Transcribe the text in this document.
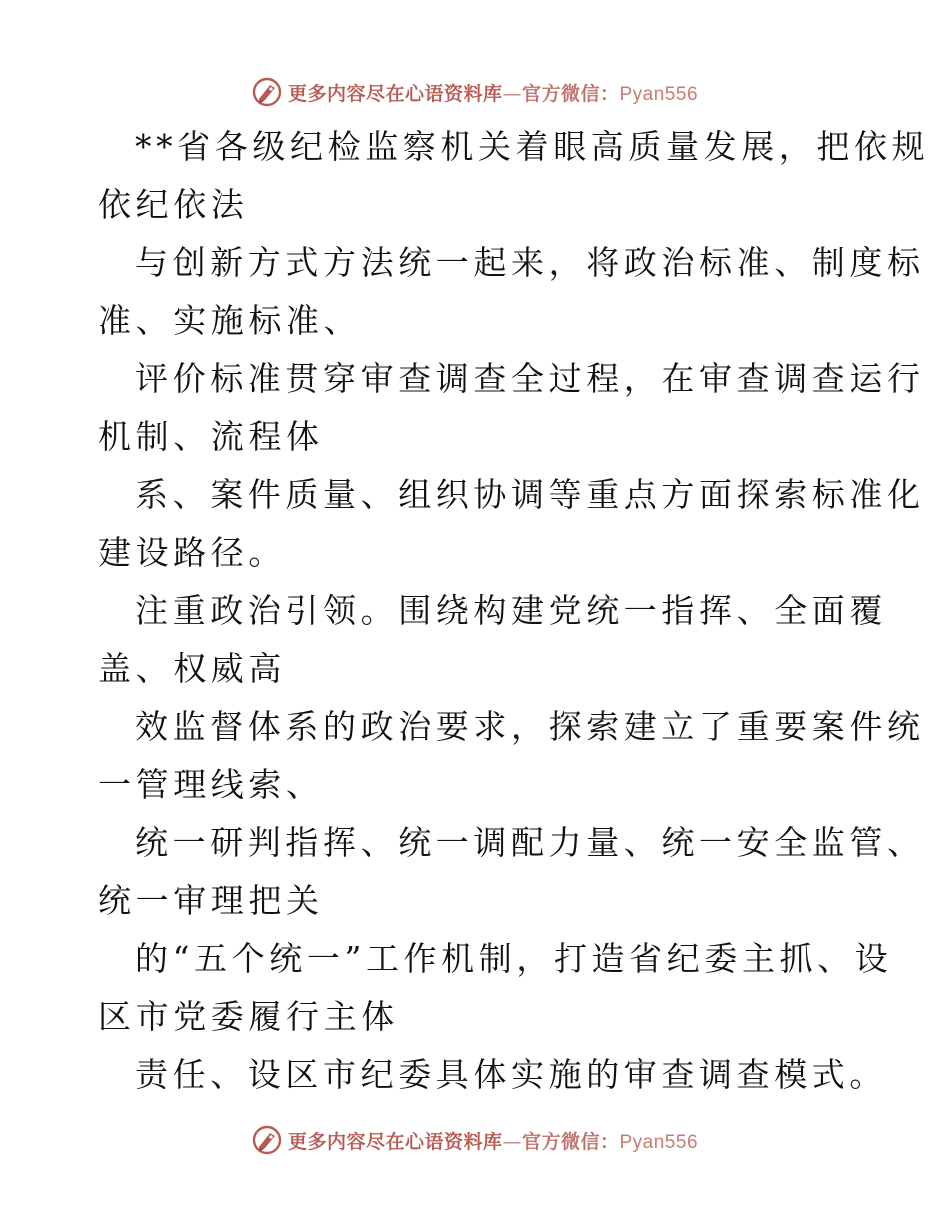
更多内容尽在心语资料库—官方微信：Pyan556
**省各级纪检监察机关着眼高质量发展，把依规
依纪依法
与创新方式方法统一起来，将政治标准、制度标
准、实施标准、
评价标准贯穿审查调查全过程，在审查调查运行
机制、流程体
系、案件质量、组织协调等重点方面探索标准化
建设路径。
注重政治引领。围绕构建党统一指挥、全面覆
盖、权威高
效监督体系的政治要求，探索建立了重要案件统
一管理线索、
统一研判指挥、统一调配力量、统一安全监管、
统一审理把关
的“五个统一”工作机制，打造省纪委主抓、设
区市党委履行主体
责任、设区市纪委具体实施的审查调查模式。
更多内容尽在心语资料库—官方微信：Pyan556
